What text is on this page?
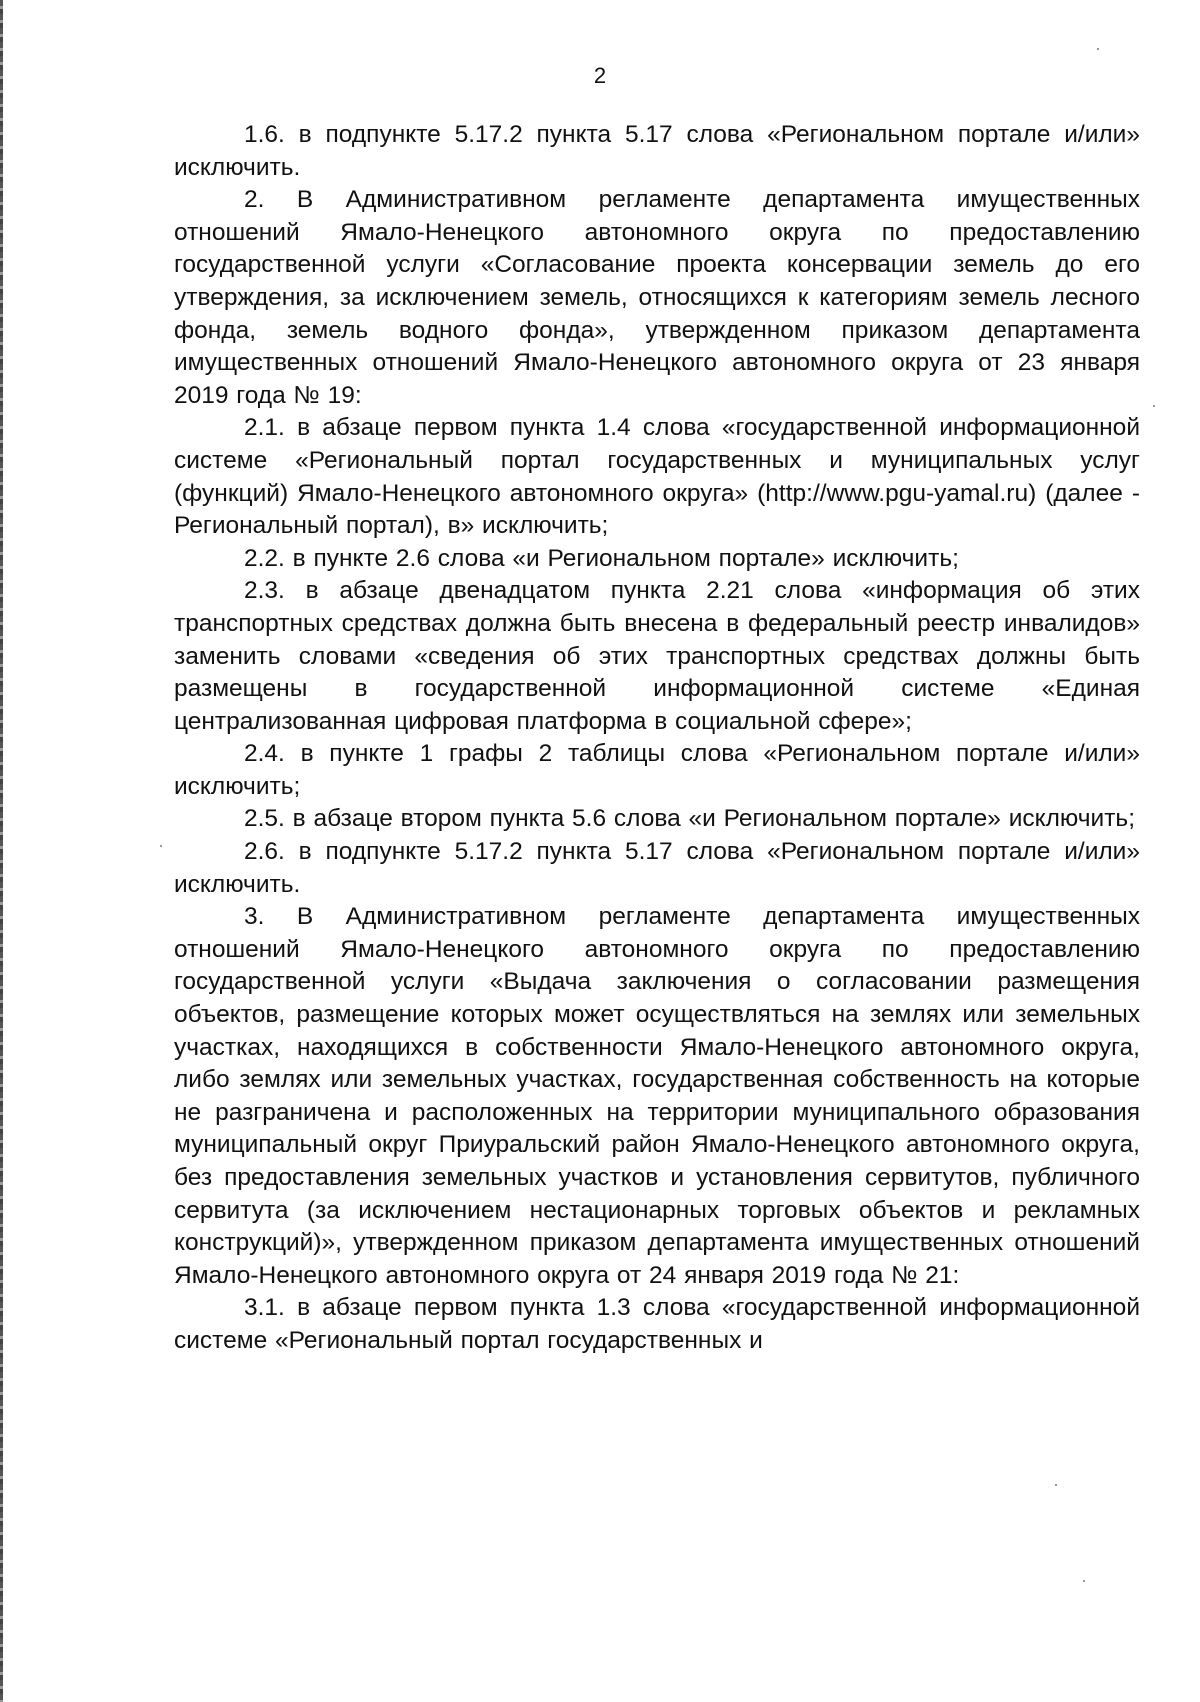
2

1.6. в подпункте 5.17.2 пункта 5.17 слова «Региональном портале и/или» исключить.

2. В Административном регламенте департамента имущественных отношений Ямало-Ненецкого автономного округа по предоставлению государственной услуги «Согласование проекта консервации земель до его утверждения, за исключением земель, относящихся к категориям земель лесного фонда, земель водного фонда», утвержденном приказом департамента имущественных отношений Ямало-Ненецкого автономного округа от 23 января 2019 года № 19:

2.1. в абзаце первом пункта 1.4 слова «государственной информационной системе «Региональный портал государственных и муниципальных услуг (функций) Ямало-Ненецкого автономного округа» (http://www.pgu-yamal.ru) (далее - Региональный портал), в» исключить;

2.2. в пункте 2.6 слова «и Региональном портале» исключить;

2.3. в абзаце двенадцатом пункта 2.21 слова «информация об этих транспортных средствах должна быть внесена в федеральный реестр инвалидов» заменить словами «сведения об этих транспортных средствах должны быть размещены в государственной информационной системе «Единая централизованная цифровая платформа в социальной сфере»;

2.4. в пункте 1 графы 2 таблицы слова «Региональном портале и/или» исключить;

2.5. в абзаце втором пункта 5.6 слова «и Региональном портале» исключить;

2.6. в подпункте 5.17.2 пункта 5.17 слова «Региональном портале и/или» исключить.

3. В Административном регламенте департамента имущественных отношений Ямало-Ненецкого автономного округа по предоставлению государственной услуги «Выдача заключения о согласовании размещения объектов, размещение которых может осуществляться на землях или земельных участках, находящихся в собственности Ямало-Ненецкого автономного округа, либо землях или земельных участках, государственная собственность на которые не разграничена и расположенных на территории муниципального образования муниципальный округ Приуральский район Ямало-Ненецкого автономного округа, без предоставления земельных участков и установления сервитутов, публичного сервитута (за исключением нестационарных торговых объектов и рекламных конструкций)», утвержденном приказом департамента имущественных отношений Ямало-Ненецкого автономного округа от 24 января 2019 года № 21:

3.1. в абзаце первом пункта 1.3 слова «государственной информационной системе «Региональный портал государственных и
